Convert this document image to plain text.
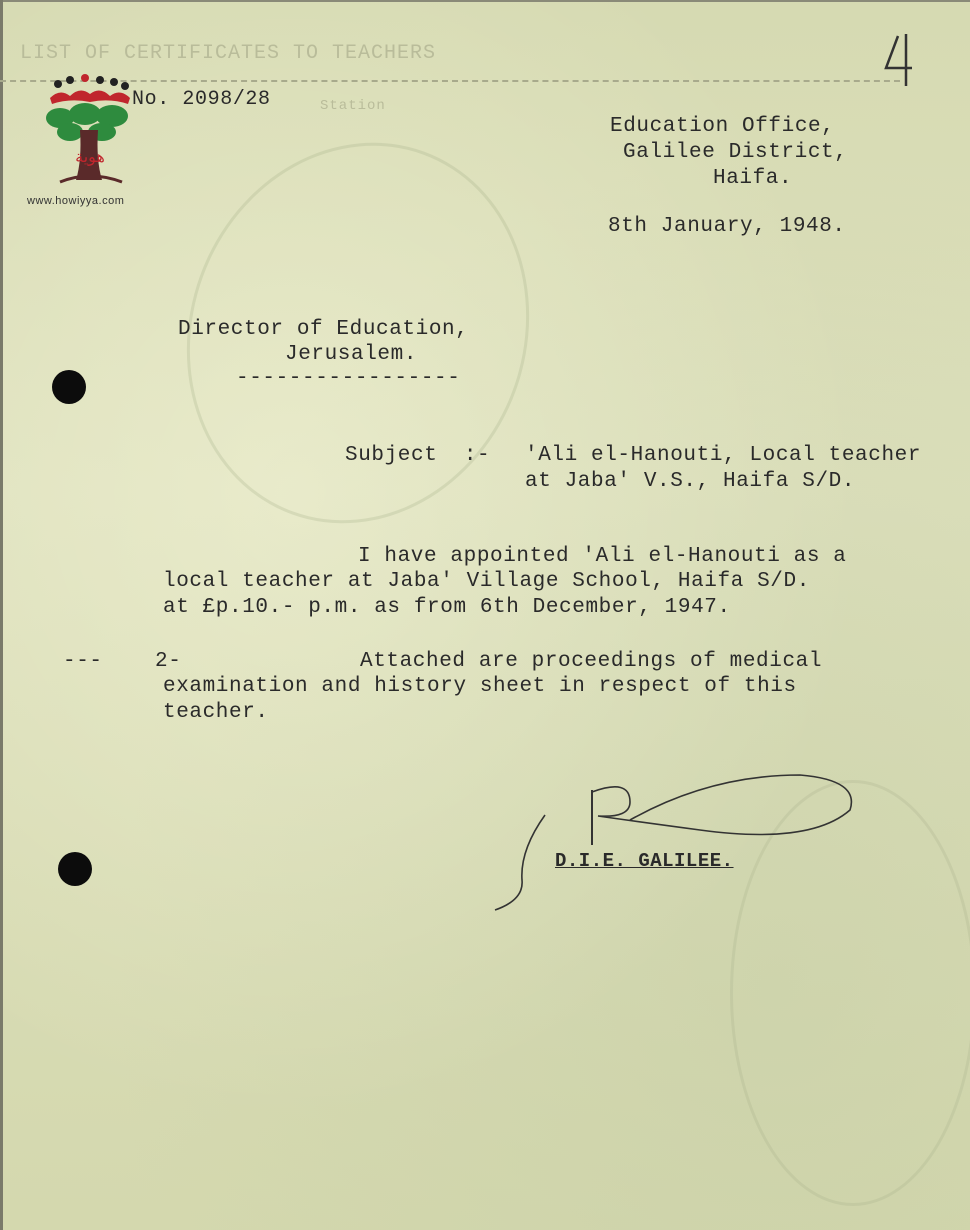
LIST OF CERTIFICATES TO TEACHERS
Station
هوية
www.howiyya.com
No. 2098/28
Education Office,
Galilee District,
Haifa.
8th January, 1948.
Director of Education,
Jerusalem.
-----------------
Subject  :- 'Ali el-Hanouti, Local teacher
at Jaba' V.S., Haifa S/D.
I have appointed 'Ali el-Hanouti as a
local teacher at Jaba' Village School, Haifa S/D.
at £p.10.- p.m. as from 6th December, 1947.
--- 2-	Attached are proceedings of medical
examination and history sheet in respect of this
teacher.
D.I.E. GALILEE.
